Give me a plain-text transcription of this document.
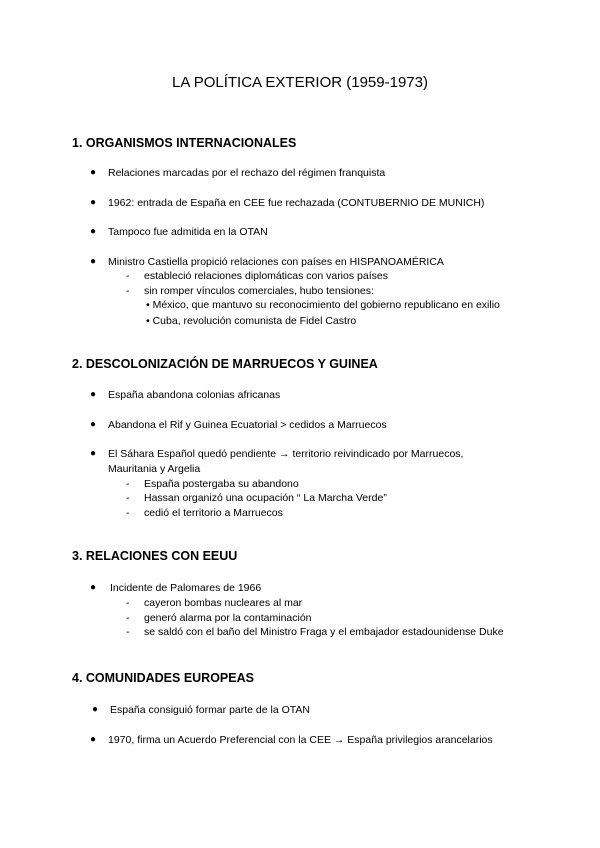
LA POLÍTICA EXTERIOR (1959-1973)
1. ORGANISMOS INTERNACIONALES
● Relaciones marcadas por el rechazo del régimen franquista
● 1962: entrada de España en CEE fue rechazada (CONTUBERNIO DE MUNICH)
● Tampoco fue admitida en la OTAN
● Ministro Castiella propició relaciones con países en HISPANOAMÉRICA
- estableció relaciones diplomáticas con varios países
- sin romper vínculos comerciales, hubo tensiones:
• México, que mantuvo su reconocimiento del gobierno republicano en exilio
• Cuba, revolución comunista de Fidel Castro
2. DESCOLONIZACIÓN DE MARRUECOS Y GUINEA
● España abandona colonias africanas
● Abandona el Rif y Guinea Ecuatorial > cedidos a Marruecos
● El Sáhara Español quedó pendiente → territorio reivindicado por Marruecos,
Mauritania y Argelia
- España postergaba su abandono
- Hassan organizó una ocupación “ La Marcha Verde”
- cedió el territorio a Marruecos
3. RELACIONES CON EEUU
● Incidente de Palomares de 1966
- cayeron bombas nucleares al mar
- generó alarma por la contaminación
- se saldó con el baño del Ministro Fraga y el embajador estadounidense Duke
4. COMUNIDADES EUROPEAS
● España consiguió formar parte de la OTAN
● 1970, firma un Acuerdo Preferencial con la CEE → España privilegios arancelarios
